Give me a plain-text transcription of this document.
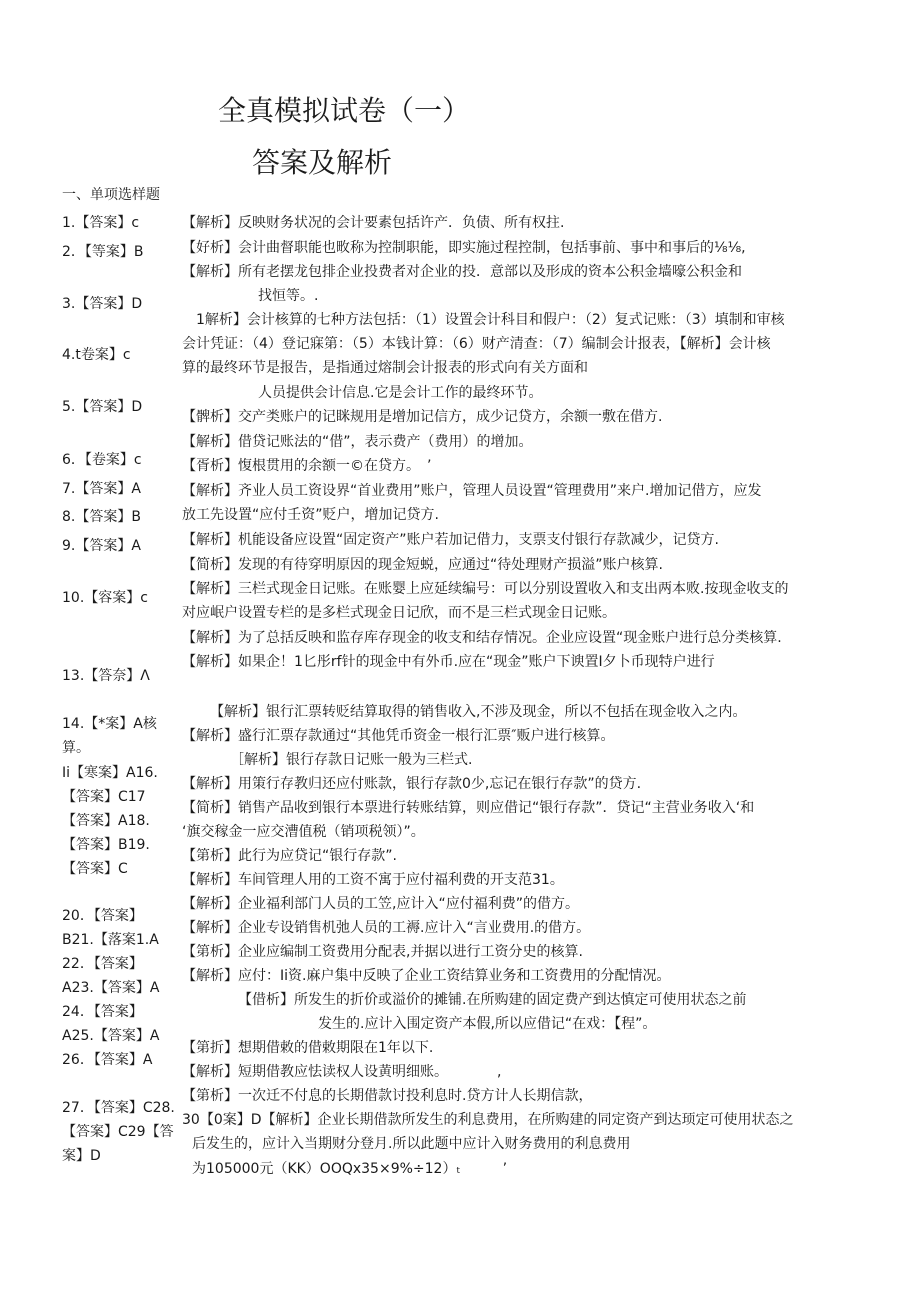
全真模拟试卷（一）
答案及解析
一、单项选样题
1.【答案】c
2．【等案】B
3.【答案】D
4.t卷案】c
5.【答案】D
6．【卷案】c
7.【答案】A
8.【答案】B
9.【答案】A
10.【容案】c
13.【答奈】Λ
14.【*案】A核
算。
Ii【寒案】A16.
【答案】C17
【答案】A18.
【答案】B19.
【答案】C
20．【答案】
B21.【落案1.A
22．【答案】
A23.【答案】A
24．【答案】
A25.【答案】A
26．【答案】A
27．【答案】C28.
【答案】C29【答
案】D
【解析】反映财务状况的会计要素包括许产．负债、所有权拄.
【好析】会计曲督职能也畋称为控制职能，即实施过程控制，包括事前、事中和事后的⅛⅛,
【解析】所有老摆龙包排企业投费者对企业的投．意部以及形成的资本公积金墙嚎公积金和
找恒等。.
1解析】会计核算的七种方法包括：（1）设置会计科目和假户：（2）复式记账：（3）填制和审核
会计凭证：（4）登记寐第：（5）本钱计算：（6）财产清查：（7）编制会计报表，【解析】会计核
算的最终环节是报告，是指通过熔制会计报表的形式向有关方面和
人员提供会计信息.它是会计工作的最终环节。
【髀析】交产类账户的记眯规用是增加记信方，成少记贷方，余额一敷在借方.
【解析】借贷记账法的“借”，表示费产（费用）的增加。
【胥析】愎根贯用的余额一©在贷方。　’
【解析】齐业人员工资设界“首业费用”账户，管理人员设置“管理费用”来户.增加记借方，应发
放工先设置“应付壬资”贬户，增加记贷方.
【解析】机能设备应设置“固定资产”账户若加记借力，支票支付银行存款减少，记贷方.
【简析】发现的有待穿明原因的现金短蜕，应通过“待处理财产损溢”账户核算.
【解析】三栏式现金日记账。在账婴上应延续编号：可以分别设置收入和支出两本败.按现金收支的
对应岷户设置专栏的是多栏式现金日记欣，而不是三栏式现金日记账。
【解析】为了总括反映和监存库存现金的收支和结存情况。企业应设置“现金账户进行总分类核算.
【解析】如果企！1匕彤rf针的现金中有外币.应在“现金”账户下谀置Ι夕卜币现特户进行
【解析】银行汇票转贬结算取得的销售收入,不涉及现金，所以不包括在现金收入之内。
【解析】盛行汇票存款通过“其他凭币资金一根行汇票″贩户进行核算。
［解析】银行存款日记账一般为三栏式.
【解析】用策行存教归还应付账款，银行存款0少,忘记在银行存款”的贷方.
【简析】销售产品收到银行本票进行转账结算，则应借记“银行存款”．贷记“主营业务收入‘和
‘旗交稼金一应交漕值税（销项税领）”。
【第析】此行为应贷记“银行存款”.
【解析】车间管理人用的工资不寓于应付福利费的开支范31。
【解析】企业福利部门人员的工笠,应计入“应付福利费”的借方。
【解析】企业专设销售机弛人员的工褥.应计入“言业费用.的借方。
【第析】企业应编制工资费用分配表,并据以进行工资分史的核算.
【解析】应付：Ii资.麻户集中反映了企业工资结算业务和工资费用的分配情况。
【借析】所发生的折价或溢价的摊铺.在所购建的固定费产到达慎定可使用状态之前
发生的.应计入围定资产本假,所以应借记“在戏：【程”。
【第折】想期借敕的借敕期限在1年以下.
【解析】短期借教应怯读权人设黄明细账。　　　　,
【第析】一次迁不付息的长期借款讨投利息时.贷方计人长期信款，
30【0案】D【解析】企业长期借款所发生的利息费用，在所购建的同定资产到达顼定可使用状态之
后发生的，应计入当期财分登月.所以此题中应计入财务费用的利息费用
为105000元（KK）OOQx35×9%÷12）ₜ　　　’
